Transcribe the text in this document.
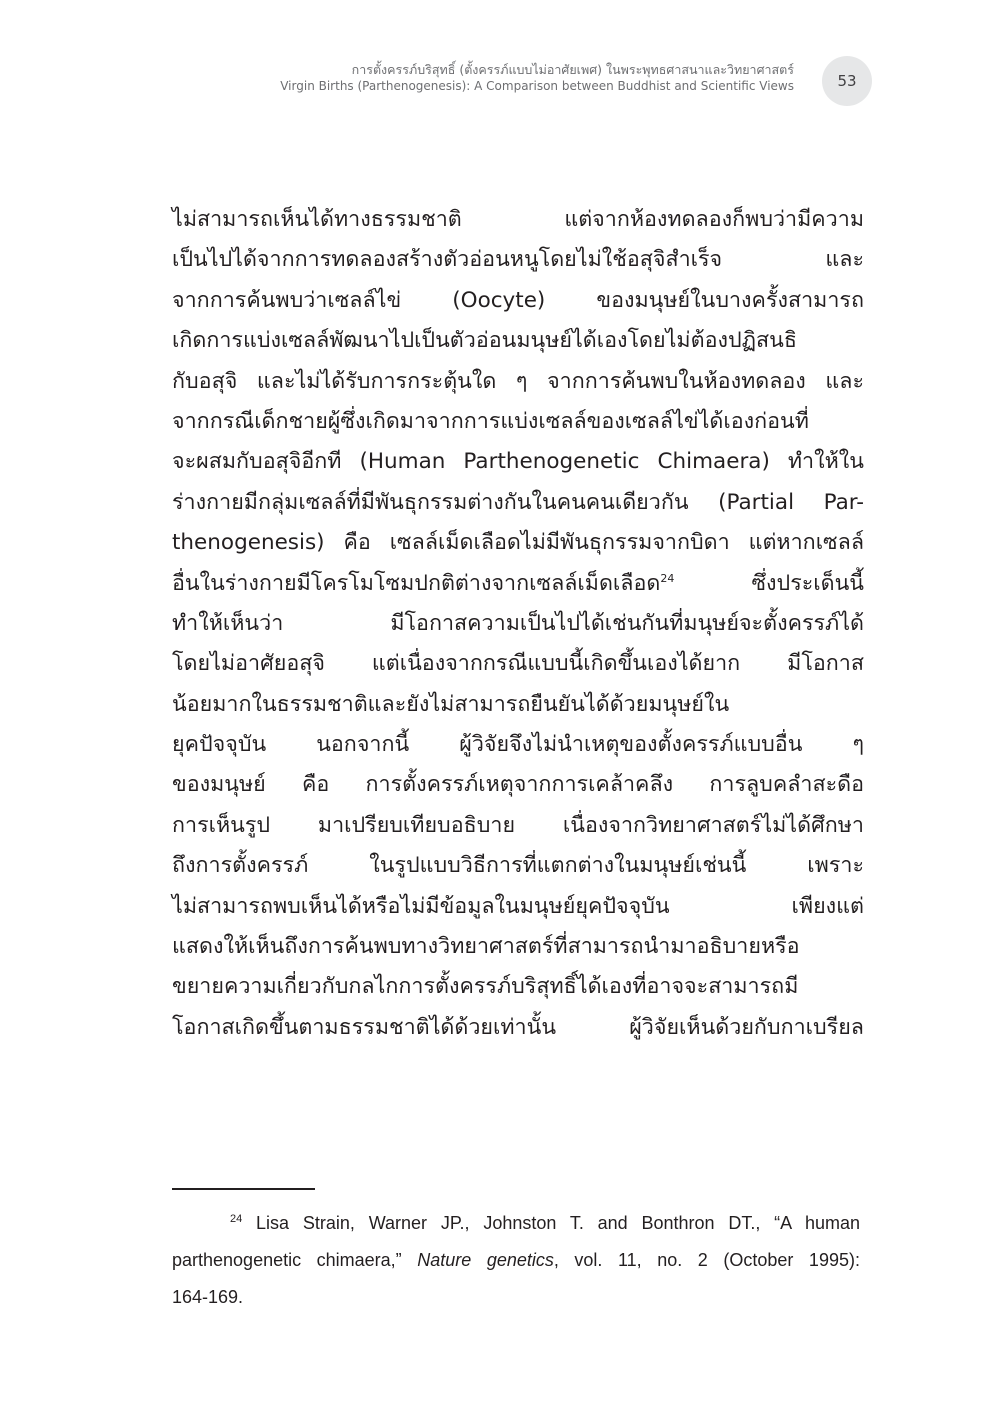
การตั้งครรภ์บริสุทธิ์ (ตั้งครรภ์แบบไม่อาศัยเพศ) ในพระพุทธศาสนาและวิทยาศาสตร์
Virgin Births (Parthenogenesis): A Comparison between Buddhist and Scientific Views	53
ไม่สามารถเห็นได้ทางธรรมชาติ แต่จากห้องทดลองก็พบว่ามีความ
เป็นไปได้จากการทดลองสร้างตัวอ่อนหนูโดยไม่ใช้อสุจิสำเร็จ และ
จากการค้นพบว่าเซลล์ไข่ (Oocyte) ของมนุษย์ในบางครั้งสามารถ
เกิดการแบ่งเซลล์พัฒนาไปเป็นตัวอ่อนมนุษย์ได้เองโดยไม่ต้องปฏิสนธิ
กับอสุจิ และไม่ได้รับการกระตุ้นใด ๆ จากการค้นพบในห้องทดลอง และ
จากกรณีเด็กชายผู้ซึ่งเกิดมาจากการแบ่งเซลล์ของเซลล์ไข่ได้เองก่อนที่
จะผสมกับอสุจิอีกที (Human Parthenogenetic Chimaera) ทำให้ใน
ร่างกายมีกลุ่มเซลล์ที่มีพันธุกรรมต่างกันในคนคนเดียวกัน (Partial Par-
thenogenesis) คือ เซลล์เม็ดเลือดไม่มีพันธุกรรมจากบิดา แต่หากเซลล์
อื่นในร่างกายมีโครโมโซมปกติต่างจากเซลล์เม็ดเลือด$^{24}$ ซึ่งประเด็นนี้
ทำให้เห็นว่า มีโอกาสความเป็นไปได้เช่นกันที่มนุษย์จะตั้งครรภ์ได้
โดยไม่อาศัยอสุจิ แต่เนื่องจากกรณีแบบนี้เกิดขึ้นเองได้ยาก มีโอกาส
น้อยมากในธรรมชาติและยังไม่สามารถยืนยันได้ด้วยมนุษย์ใน
ยุคปัจจุบัน นอกจากนี้ ผู้วิจัยจึงไม่นำเหตุของตั้งครรภ์แบบอื่น ๆ
ของมนุษย์ คือ การตั้งครรภ์เหตุจากการเคล้าคลึง การลูบคลำสะดือ
การเห็นรูป มาเปรียบเทียบอธิบาย เนื่องจากวิทยาศาสตร์ไม่ได้ศึกษา
ถึงการตั้งครรภ์ ในรูปแบบวิธีการที่แตกต่างในมนุษย์เช่นนี้ เพราะ
ไม่สามารถพบเห็นได้หรือไม่มีข้อมูลในมนุษย์ยุคปัจจุบัน เพียงแต่
แสดงให้เห็นถึงการค้นพบทางวิทยาศาสตร์ที่สามารถนำมาอธิบายหรือ
ขยายความเกี่ยวกับกลไกการตั้งครรภ์บริสุทธิ์ได้เองที่อาจจะสามารถมี
โอกาสเกิดขึ้นตามธรรมชาติได้ด้วยเท่านั้น ผู้วิจัยเห็นด้วยกับกาเบรียล
$^{24}$ Lisa Strain, Warner JP., Johnston T. and Bonthron DT., “A human
parthenogenetic chimaera,” Nature genetics, vol. 11, no. 2 (October 1995):
164-169.
